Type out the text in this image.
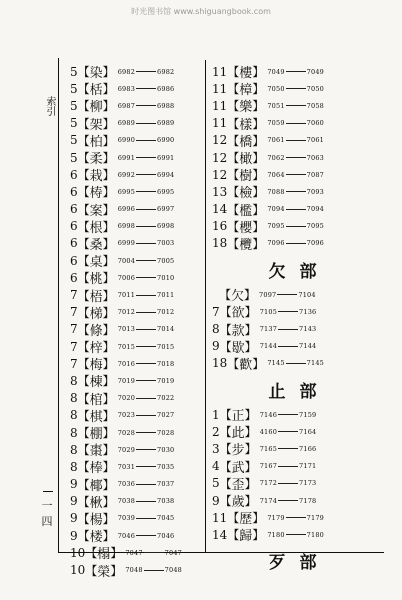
时光图书馆 www.shiguangbook.com
索引
一四
5 【 染 】 6982	6982
5 【 栝 】 6983	6986
5 【 柳 】 6987	6988
5 【 架 】 6989	6989
5 【 柏 】 6990	6990
5 【 柔 】 6991	6991
6 【 栽 】 6992	6994
6 【 梼 】 6995	6995
6 【 案 】 6996	6997
6 【 根 】 6998	6998
6 【 桑 】 6999	7003
6 【 桌 】 7004	7005
6 【 桃 】 7006	7010
7 【 梧 】 7011	7011
7 【 梯 】 7012	7012
7 【 條 】 7013	7014
7 【 梓 】 7015	7015
7 【 梅 】 7016	7018
8 【 棟 】 7019	7019
8 【 棺 】 7020	7022
8 【 棋 】 7023	7027
8 【 棚 】 7028	7028
8 【 棗 】 7029	7030
8 【 棒 】 7031	7035
9 【 椰 】 7036	7037
9 【 楸 】 7038	7038
9 【 楊 】 7039	7045
9 【 楼 】 7046	7046
10 【 榻 】 7047	7047
10 【 榮 】 7048	7048
11 【 樓 】 7049	7049
11 【 樟 】 7050	7050
11 【 樂 】 7051	7058
11 【 樣 】 7059	7060
12 【 橋 】 7061	7061
12 【 橄 】 7062	7063
12 【 樹 】 7064	7087
13 【 檢 】 7088	7093
14 【 檻 】 7094	7094
16 【 櫻 】 7095	7095
18 【 欖 】 7096	7096
欠部
【 欠 】 7097	7104
7 【 欲 】 7105	7136
8 【 款 】 7137	7143
9 【 歇 】 7144	7144
18 【 歡 】 7145	7145
止部
1 【 正 】 7146	7159
2 【 此 】 4160	7164
3 【 步 】 7165	7166
4 【 武 】 7167	7171
5 【 歪 】 7172	7173
9 【 歲 】 7174	7178
11 【 歷 】 7179	7179
14 【 歸 】 7180	7180
歹部
